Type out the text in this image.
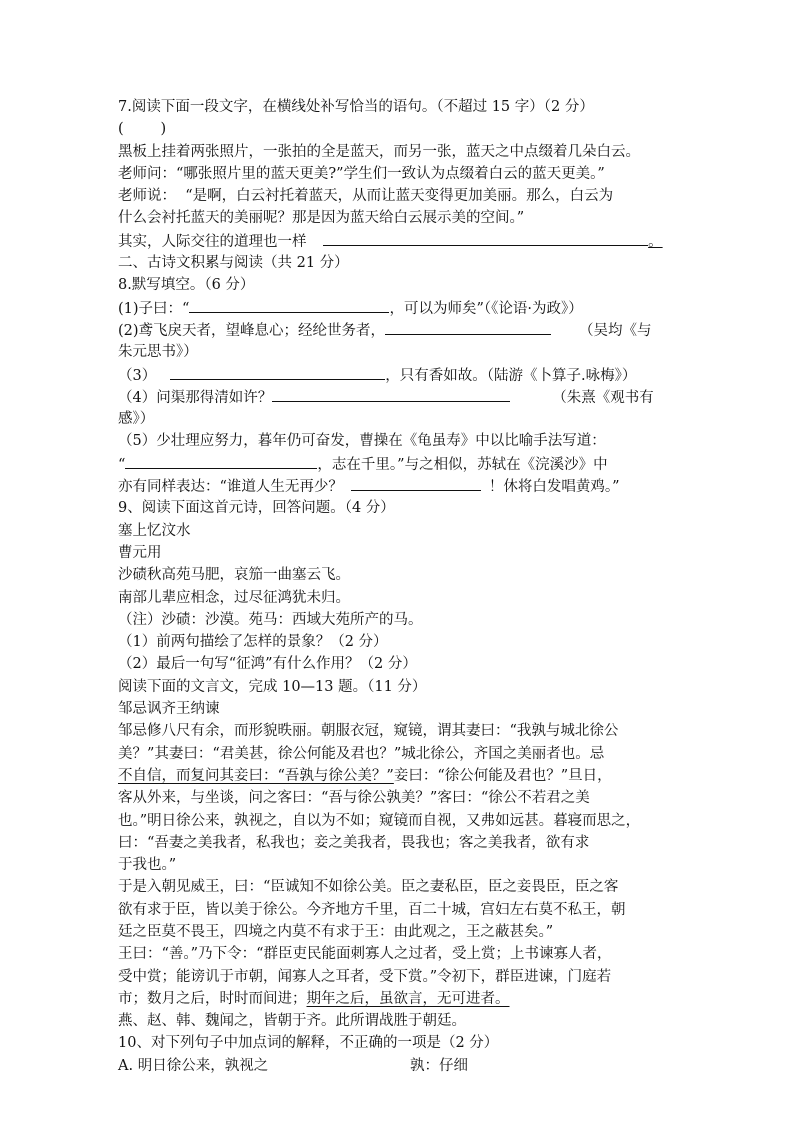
7.阅读下面一段文字，在横线处补写恰当的语句。（不超过 15 字）（2 分）
(        )
黑板上挂着两张照片，一张拍的全是蓝天，而另一张，蓝天之中点缀着几朵白云。
老师问：“哪张照片里的蓝天更美?”学生们一致认为点缀着白云的蓝天更美。”
老师说：  “是啊，白云衬托着蓝天，从而让蓝天变得更加美丽。那么，白云为
什么会衬托蓝天的美丽呢？那是因为蓝天给白云展示美的空间。”
其实，人际交往的道理也一样	。
二、古诗文积累与阅读（共 21 分）
8.默写填空。（6 分）
(1)子曰：“	，可以为师矣”（《论语·为政》）
(2)鸢飞戾天者，望峰息心；经纶世务者，	（吴均《与
朱元思书》）
（3）	，只有香如故。（陆游《卜算子.咏梅》）
（4）问渠那得清如许？	（朱熹《观书有
感》）
（5）少壮理应努力，暮年仍可奋发，曹操在《龟虽寿》中以比喻手法写道：
“	，志在千里。”与之相似，苏轼在《浣溪沙》中
亦有同样表达：“谁道人生无再少？	！休将白发唱黄鸡。”
9、阅读下面这首元诗，回答问题。（4 分）
塞上忆汶水
曹元用
沙碛秋高苑马肥，哀笳一曲塞云飞。
南部儿辈应相念，过尽征鸿犹未归。
（注）沙碛：沙漠。苑马：西域大苑所产的马。
（1）前两句描绘了怎样的景象？（2 分）
（2）最后一句写“征鸿”有什么作用？（2 分）
阅读下面的文言文，完成 10—13 题。（11 分）
邹忌讽齐王纳谏
邹忌修八尺有余，而形貌昳丽。朝服衣冠，窥镜，谓其妻曰：“我孰与城北徐公
美？”其妻曰：“君美甚，徐公何能及君也？”城北徐公，齐国之美丽者也。忌
不自信，而复问其妾曰：“吾孰与徐公美？”妾曰：“徐公何能及君也？”旦日，
客从外来，与坐谈，问之客曰：“吾与徐公孰美？”客曰：“徐公不若君之美
也。”明日徐公来，孰视之，自以为不如；窥镜而自视，又弗如远甚。暮寝而思之，
曰：“吾妻之美我者，私我也；妾之美我者，畏我也；客之美我者，欲有求
于我也。”
于是入朝见威王，曰：“臣诚知不如徐公美。臣之妻私臣，臣之妾畏臣，臣之客
欲有求于臣，皆以美于徐公。今齐地方千里，百二十城，宫妇左右莫不私王，朝
廷之臣莫不畏王，四境之内莫不有求于王：由此观之，王之蔽甚矣。”
王曰：“善。”乃下令：“群臣吏民能面刺寡人之过者，受上赏；上书谏寡人者，
受中赏；能谤讥于市朝，闻寡人之耳者，受下赏。”令初下，群臣进谏，门庭若
市；数月之后，时时而间进；期年之后，虽欲言，无可进者。
燕、赵、韩、魏闻之，皆朝于齐。此所谓战胜于朝廷。
10、对下列句子中加点词的解释，不正确的一项是（2 分）
A. 明日徐公来，孰视之	孰：仔细
